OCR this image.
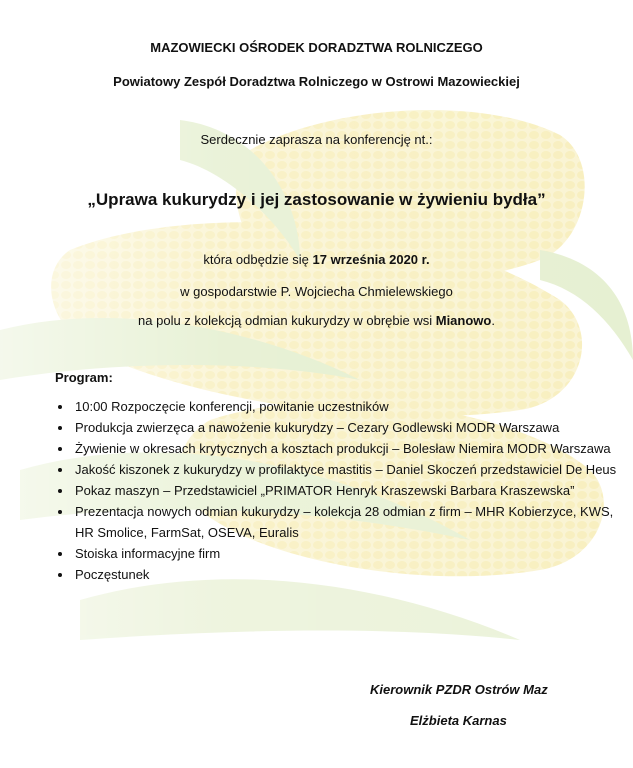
MAZOWIECKI OŚRODEK DORADZTWA ROLNICZEGO
Powiatowy Zespół Doradztwa Rolniczego w Ostrowi Mazowieckiej
Serdecznie zaprasza na konferencję nt.:
„Uprawa kukurydzy i jej zastosowanie w żywieniu bydła”
która odbędzie się 17 września 2020 r.
w gospodarstwie P. Wojciecha Chmielewskiego
na polu z kolekcją odmian kukurydzy w obrębie wsi Mianowo.
Program:
• 10:00 Rozpoczęcie konferencji, powitanie uczestników
• Produkcja zwierzęca a nawożenie kukurydzy – Cezary Godlewski MODR Warszawa
• Żywienie w okresach krytycznych a kosztach produkcji – Bolesław Niemira MODR Warszawa
• Jakość kiszonek z kukurydzy w profilaktyce mastitis – Daniel Skoczeń przedstawiciel De Heus
• Pokaz maszyn – Przedstawiciel „PRIMATOR Henryk Kraszewski Barbara Kraszewska”
• Prezentacja nowych odmian kukurydzy – kolekcja 28 odmian z firm – MHR Kobierzyce, KWS, HR Smolice, FarmSat, OSEVA, Euralis
• Stoiska informacyjne firm
• Poczęstunek
Kierownik PZDR Ostrów Maz
Elżbieta Karnas
